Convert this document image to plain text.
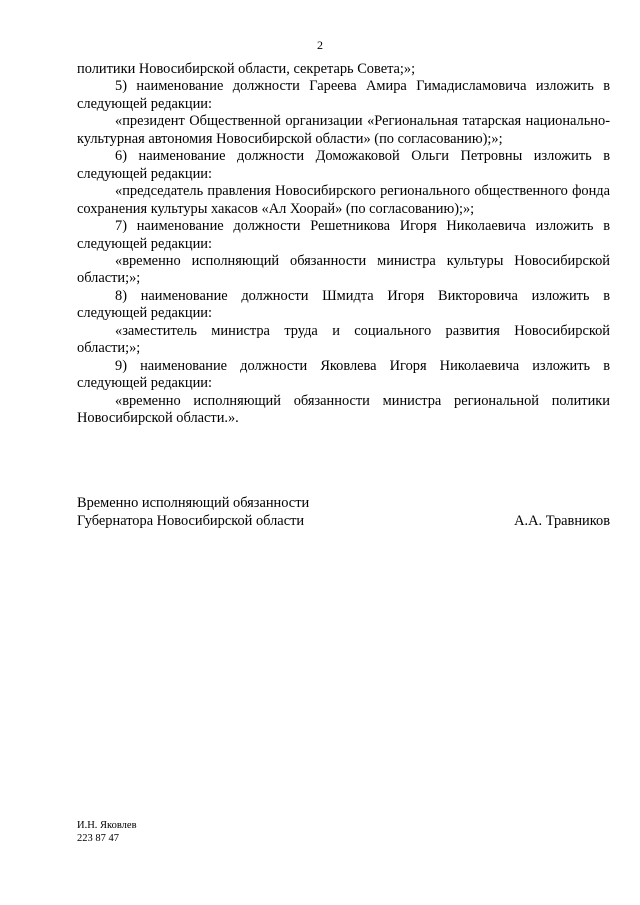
2

политики Новосибирской области, секретарь Совета;»;

5) наименование должности Гареева Амира Гимадисламовича изложить в следующей редакции:

«президент Общественной организации «Региональная татарская национально-культурная автономия Новосибирской области» (по согласованию);»;

6) наименование должности Доможаковой Ольги Петровны изложить в следующей редакции:

«председатель правления Новосибирского регионального общественного фонда сохранения культуры хакасов «Ал Хоорай» (по согласованию);»;

7) наименование должности Решетникова Игоря Николаевича изложить в следующей редакции:

«временно исполняющий обязанности министра культуры Новосибирской области;»;

8) наименование должности Шмидта Игоря Викторовича изложить в следующей редакции:

«заместитель министра труда и социального развития Новосибирской области;»;

9) наименование должности Яковлева Игоря Николаевича изложить в следующей редакции:

«временно исполняющий обязанности министра региональной политики Новосибирской области.».

Временно исполняющий обязанности
Губернатора Новосибирской области	А.А. Травников
И.Н. Яковлев
223 87 47
